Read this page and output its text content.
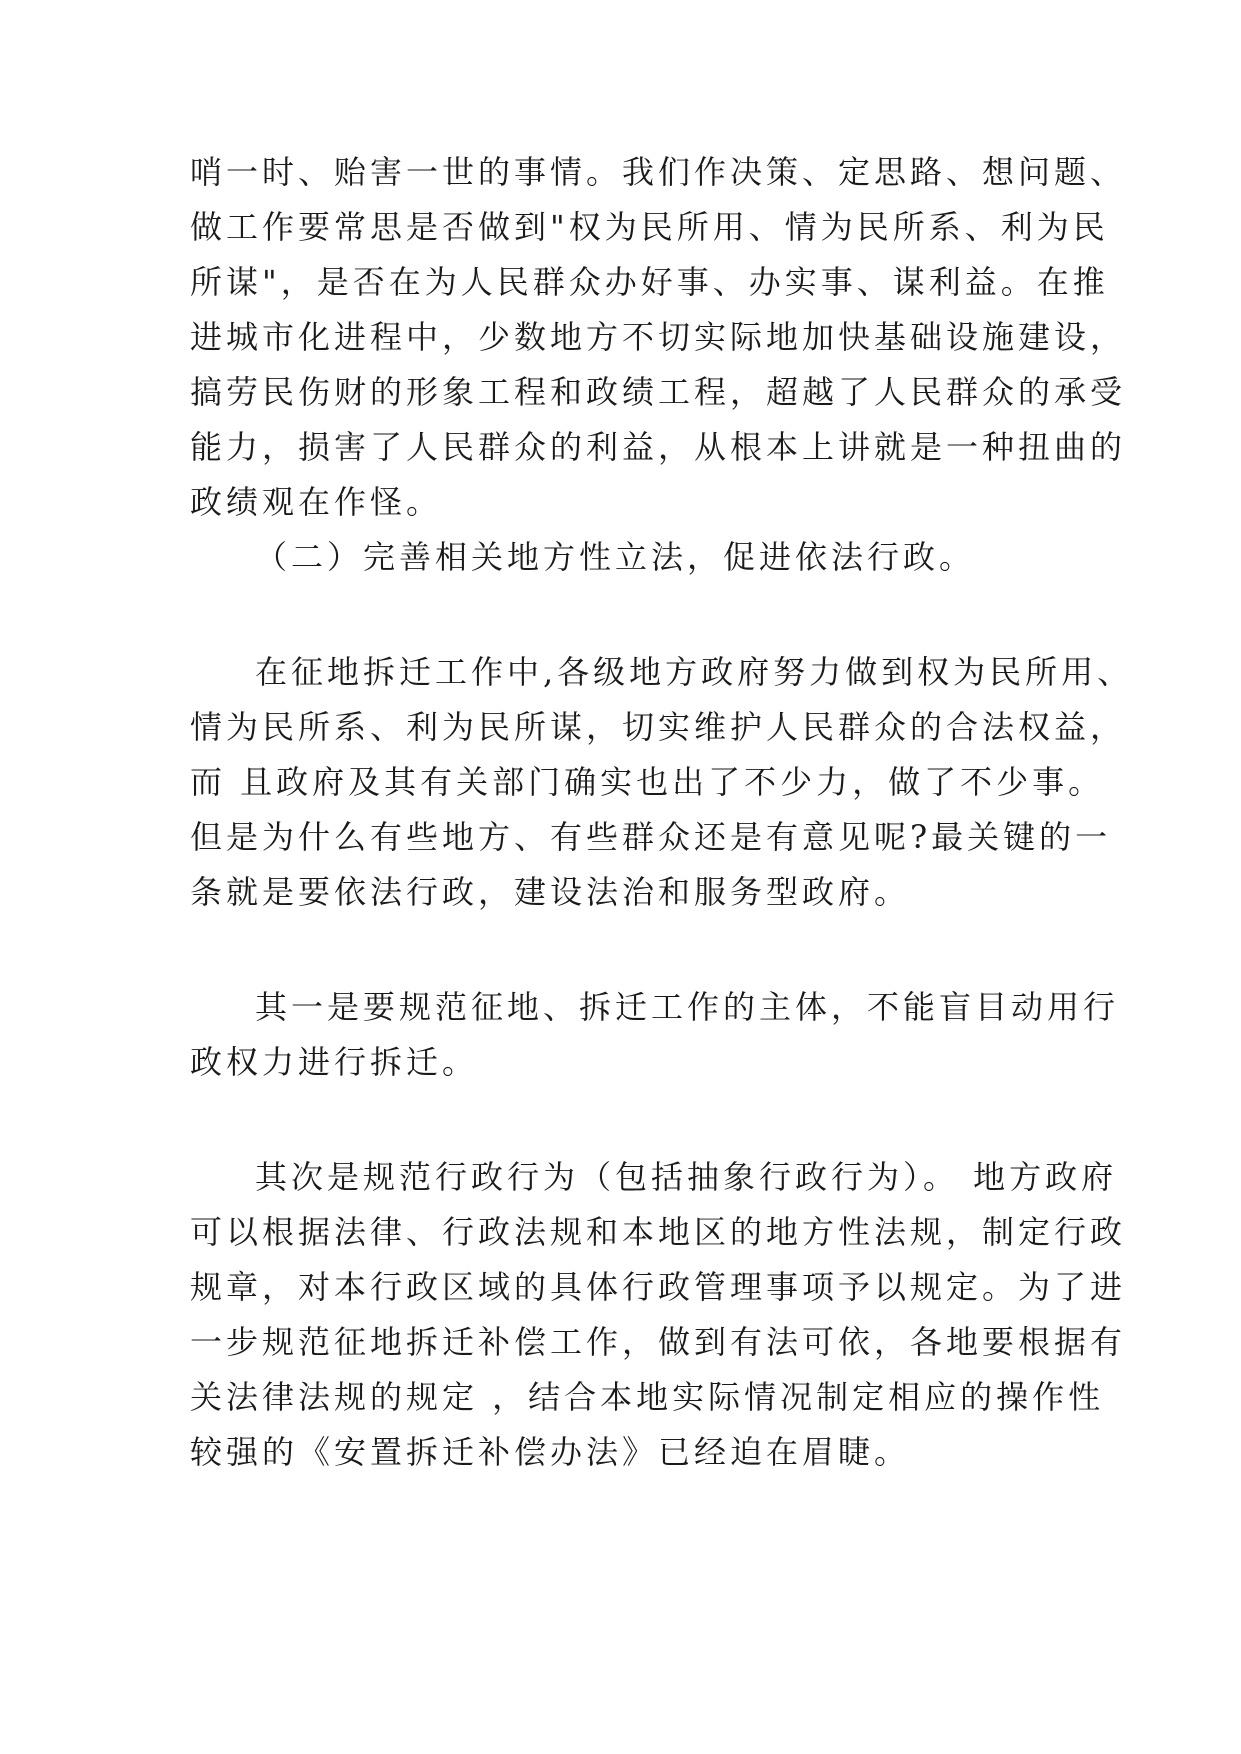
哨一时、贻害一世的事情。我们作决策、定思路、想问题、

做工作要常思是否做到"权为民所用、情为民所系、利为民

所谋"，是否在为人民群众办好事、办实事、谋利益。在推

进城市化进程中，少数地方不切实际地加快基础设施建设，

搞劳民伤财的形象工程和政绩工程，超越了人民群众的承受

能力，损害了人民群众的利益，从根本上讲就是一种扭曲的

政绩观在作怪。

（二）完善相关地方性立法，促进依法行政。

在征地拆迁工作中,各级地方政府努力做到权为民所用、

情为民所系、利为民所谋，切实维护人民群众的合法权益，

而 且政府及其有关部门确实也出了不少力，做了不少事。

但是为什么有些地方、有些群众还是有意见呢?最关键的一

条就是要依法行政，建设法治和服务型政府。

其一是要规范征地、拆迁工作的主体，不能盲目动用行

政权力进行拆迁。

其次是规范行政行为（包括抽象行政行为）。 地方政府

可以根据法律、行政法规和本地区的地方性法规，制定行政

规章，对本行政区域的具体行政管理事项予以规定。为了进

一步规范征地拆迁补偿工作，做到有法可依，各地要根据有

关法律法规的规定 ，结合本地实际情况制定相应的操作性

较强的《安置拆迁补偿办法》已经迫在眉睫。
